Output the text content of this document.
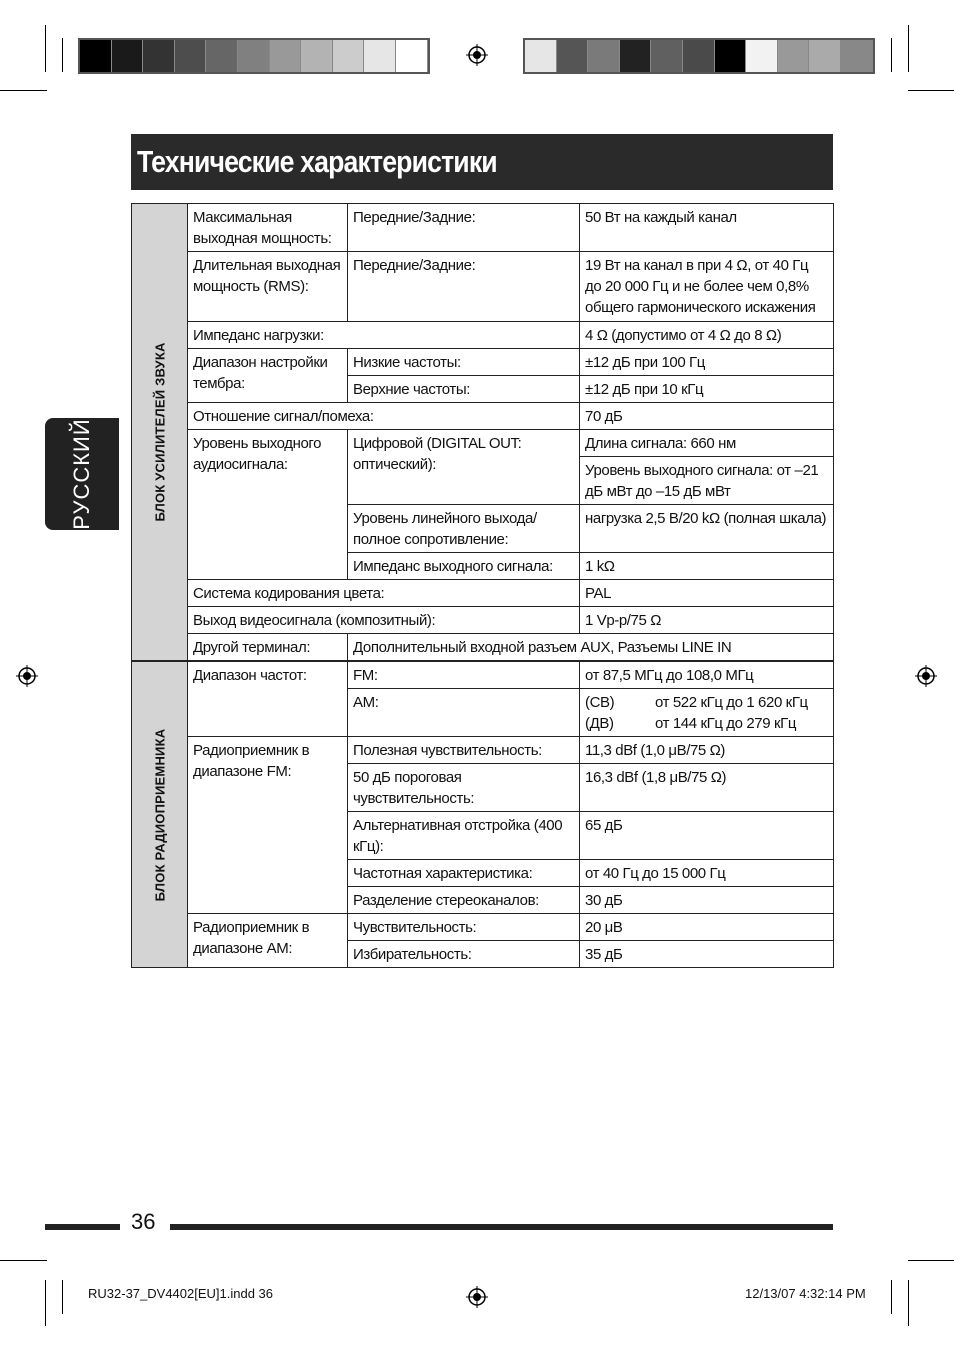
Технические характеристики
РУССКИЙ	БЛОК УСИЛИТЕЛЕЙ ЗВУКА	Максимальная выходная мощность:	Передние/Задние:	50 Вт на каждый канал

	Длительная выходная мощность (RMS):	Передние/Задние:	19 Вт на канал в при 4 Ω, от 40 Гц до 20 000 Гц и не более чем 0,8% общего гармонического искажения

	Импеданс нагрузки:		4 Ω (допустимо от 4 Ω до 8 Ω)

	Диапазон настройки тембра:	Низкие частоты:	±12 дБ при 100 Гц

		Верхние частоты:	±12 дБ при 10 кГц

	Отношение сигнал/помеха:		70 дБ

	Уровень выходного аудиосигнала:	Цифровой (DIGITAL OUT: оптический):	Длина сигнала: 660 нм

			Уровень выходного сигнала: от –21 дБ мВт до –15 дБ мВт

		Уровень линейного выхода/полное сопротивление:	нагрузка 2,5 В/20 kΩ (полная шкала)

		Импеданс выходного сигнала:	1 kΩ

	Система кодирования цвета:		PAL

	Выход видеосигнала (композитный):		1 Vp-p/75 Ω

	Другой терминал:	Дополнительный входной разъем AUX, Разъемы LINE IN	
БЛОК РАДИОПРИЕМНИКА	Диапазон частот:	FM:	от 87,5 МГц до 108,0 МГц

		AM:	(СВ) от 522 кГц до 1 620 кГц
(ДВ) от 144 кГц до 279 кГц

	Радиоприемник в диапазоне FM:	Полезная чувствительность:	11,3 dBf (1,0 μB/75 Ω)

		50 дБ пороговая чувствительность:	16,3 dBf (1,8 μB/75 Ω)

		Альтернативная отстройка (400 кГц):	65 дБ

		Частотная характеристика:	от 40 Гц до 15 000 Гц

		Разделение стереоканалов:	30 дБ

	Радиоприемник в диапазоне AM:	Чувствительность:	20 μB

		Избирательность:	35 дБ
36
RU32-37_DV4402[EU]1.indd 36	12/13/07 4:32:14 PM
